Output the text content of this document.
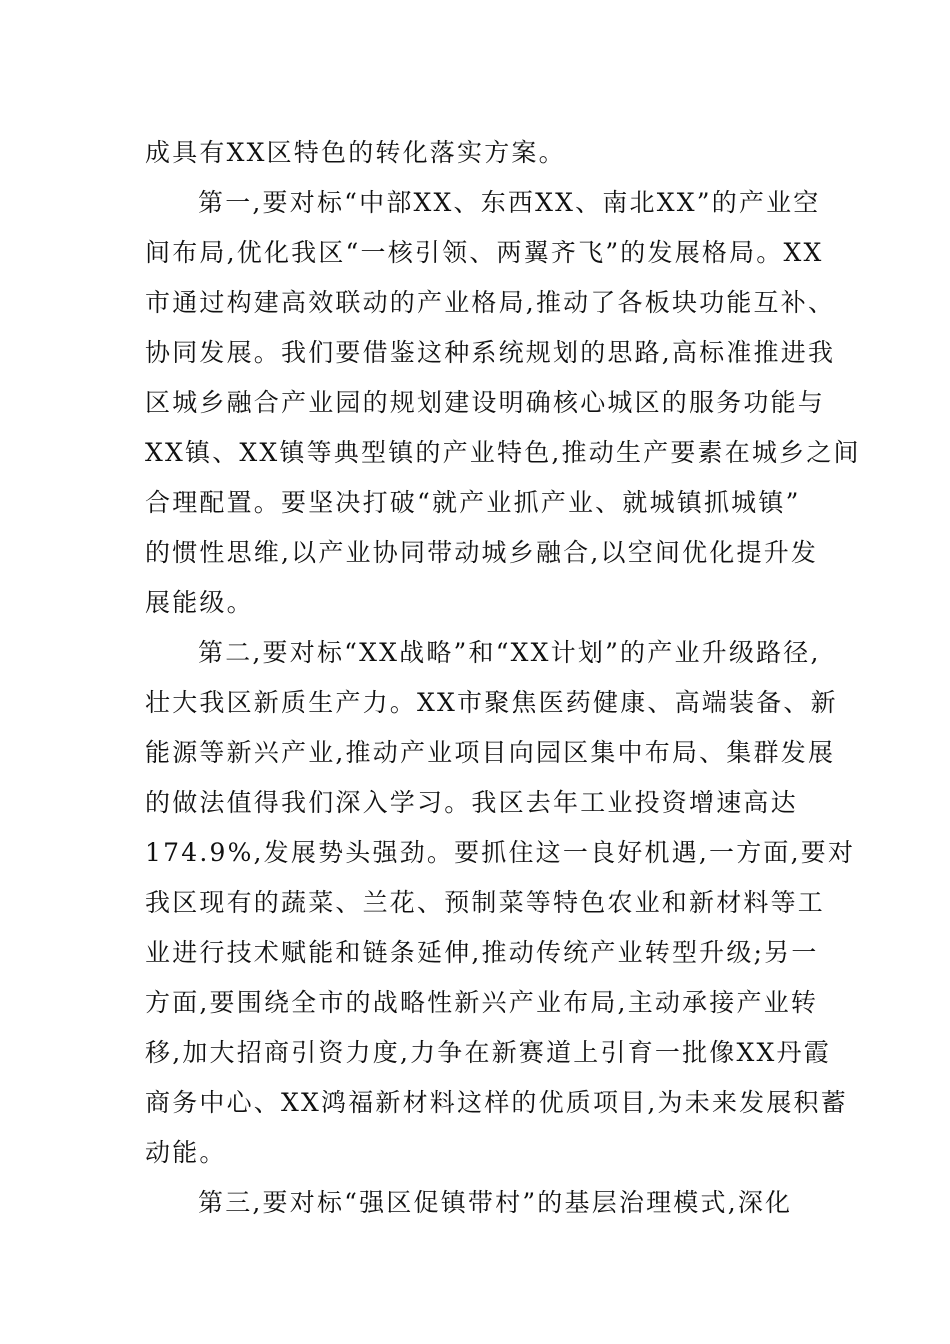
成具有XX区特色的转化落实方案。
第一,要对标“中部XX、东西XX、南北XX”的产业空
间布局,优化我区“一核引领、两翼齐飞”的发展格局。XX
市通过构建高效联动的产业格局,推动了各板块功能互补、
协同发展。我们要借鉴这种系统规划的思路,高标准推进我
区城乡融合产业园的规划建设明确核心城区的服务功能与
XX镇、XX镇等典型镇的产业特色,推动生产要素在城乡之间
合理配置。要坚决打破“就产业抓产业、就城镇抓城镇”
的惯性思维,以产业协同带动城乡融合,以空间优化提升发
展能级。
第二,要对标“XX战略”和“XX计划”的产业升级路径,
壮大我区新质生产力。XX市聚焦医药健康、高端装备、新
能源等新兴产业,推动产业项目向园区集中布局、集群发展
的做法值得我们深入学习。我区去年工业投资增速高达
174.9%,发展势头强劲。要抓住这一良好机遇,一方面,要对
我区现有的蔬菜、兰花、预制菜等特色农业和新材料等工
业进行技术赋能和链条延伸,推动传统产业转型升级;另一
方面,要围绕全市的战略性新兴产业布局,主动承接产业转
移,加大招商引资力度,力争在新赛道上引育一批像XX丹霞
商务中心、XX鸿福新材料这样的优质项目,为未来发展积蓄
动能。
第三,要对标“强区促镇带村”的基层治理模式,深化
